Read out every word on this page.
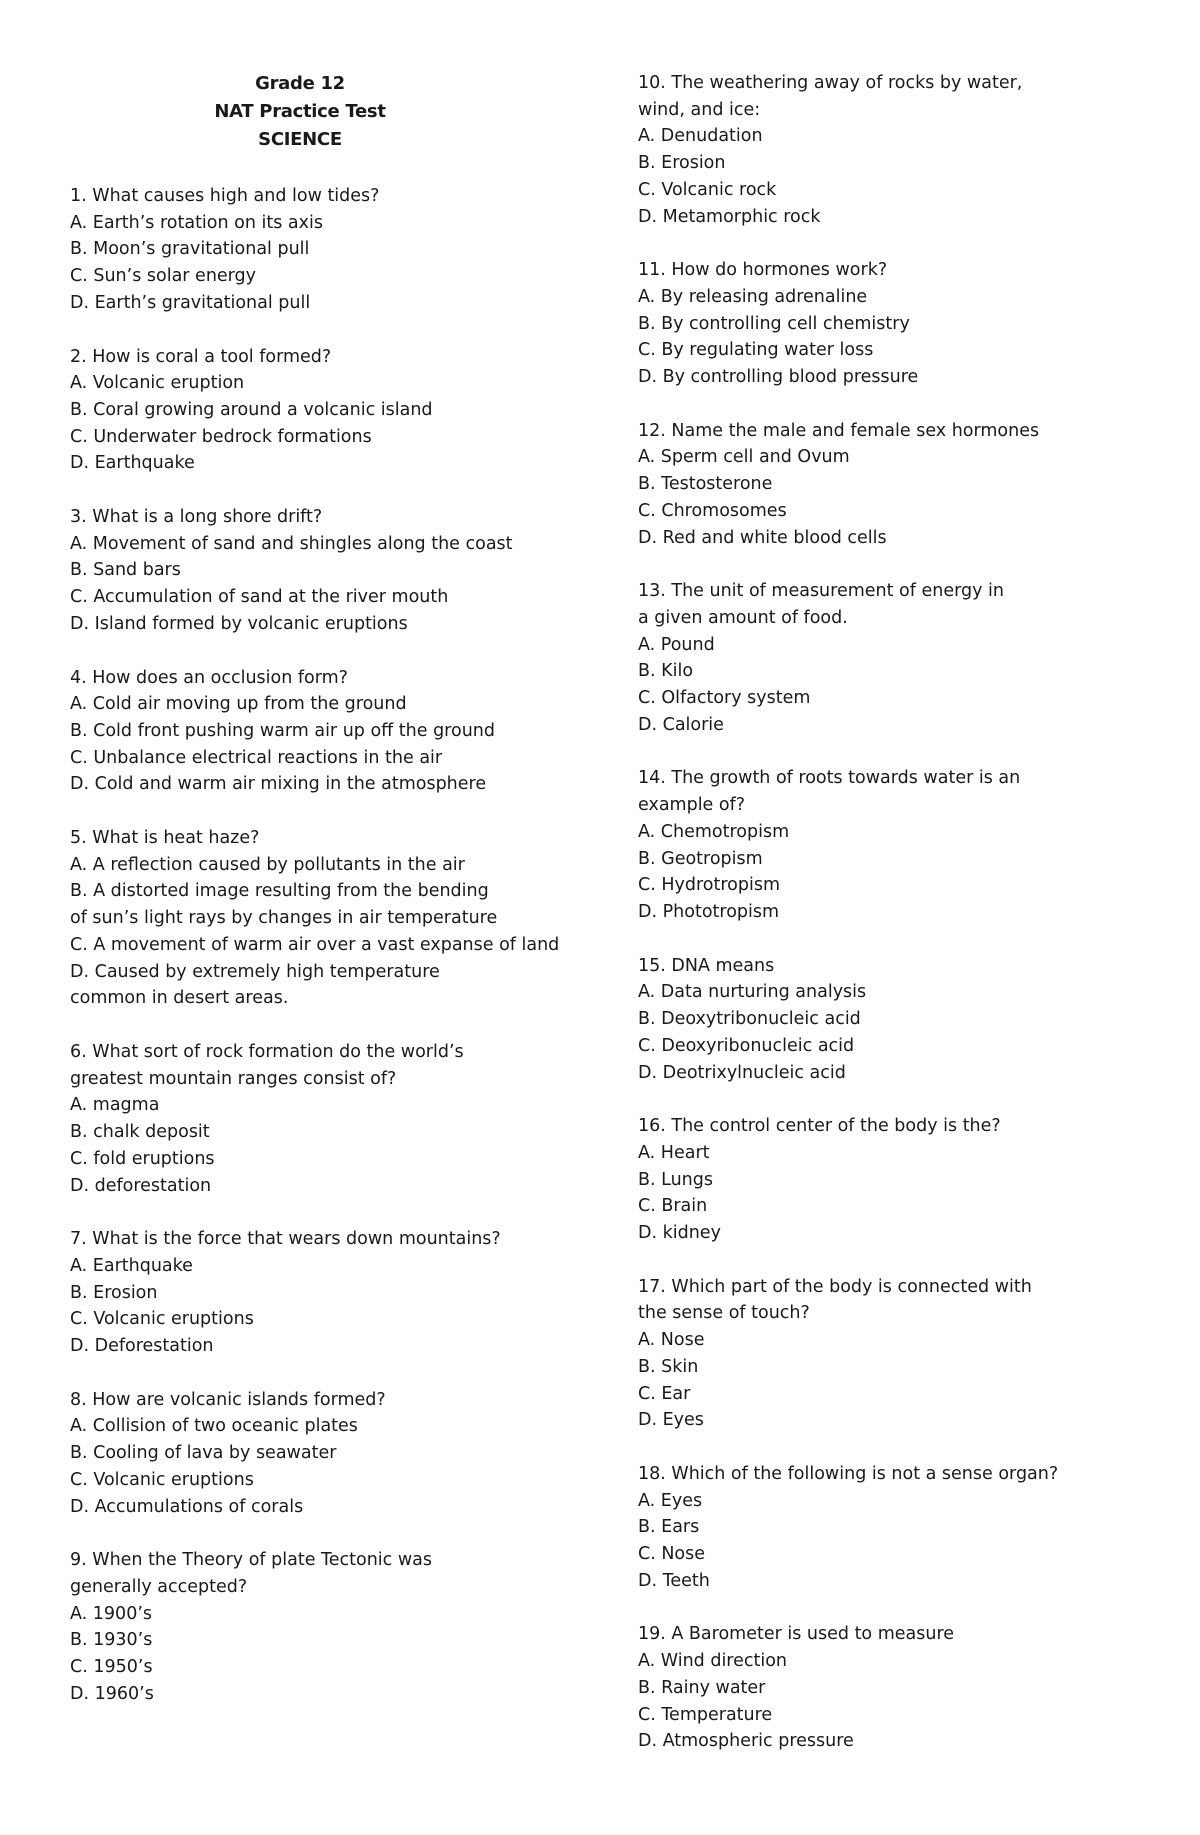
Grade 12
NAT Practice Test
SCIENCE
1. What causes high and low tides?
A. Earth’s rotation on its axis
B. Moon’s gravitational pull
C. Sun’s solar energy
D. Earth’s gravitational pull
2. How is coral a tool formed?
A. Volcanic eruption
B. Coral growing around a volcanic island
C. Underwater bedrock formations
D. Earthquake
3. What is a long shore drift?
A. Movement of sand and shingles along the coast
B. Sand bars
C. Accumulation of sand at the river mouth
D. Island formed by volcanic eruptions
4. How does an occlusion form?
A. Cold air moving up from the ground
B. Cold front pushing warm air up off the ground
C. Unbalance electrical reactions in the air
D. Cold and warm air mixing in the atmosphere
5. What is heat haze?
A. A reflection caused by pollutants in the air
B. A distorted image resulting from the bending of sun’s light rays by changes in air temperature
C. A movement of warm air over a vast expanse of land
D. Caused by extremely high temperature common in desert areas.
6. What sort of rock formation do the world’s greatest mountain ranges consist of?
A. magma
B. chalk deposit
C. fold eruptions
D. deforestation
7. What is the force that wears down mountains?
A. Earthquake
B. Erosion
C. Volcanic eruptions
D. Deforestation
8. How are volcanic islands formed?
A. Collision of two oceanic plates
B. Cooling of lava by seawater
C. Volcanic eruptions
D. Accumulations of corals
9. When the Theory of plate Tectonic was generally accepted?
A. 1900’s
B. 1930’s
C. 1950’s
D. 1960’s
10. The weathering away of rocks by water, wind, and ice:
A. Denudation
B. Erosion
C. Volcanic rock
D. Metamorphic rock
11. How do hormones work?
A. By releasing adrenaline
B. By controlling cell chemistry
C. By regulating water loss
D. By controlling blood pressure
12. Name the male and female sex hormones
A. Sperm cell and Ovum
B. Testosterone
C. Chromosomes
D. Red and white blood cells
13. The unit of measurement of energy in a given amount of food.
A. Pound
B. Kilo
C. Olfactory system
D. Calorie
14. The growth of roots towards water is an example of?
A. Chemotropism
B. Geotropism
C. Hydrotropism
D. Phototropism
15. DNA means
A. Data nurturing analysis
B. Deoxytribonucleic acid
C. Deoxyribonucleic acid
D. Deotrixylnucleic acid
16. The control center of the body is the?
A. Heart
B. Lungs
C. Brain
D. kidney
17. Which part of the body is connected with the sense of touch?
A. Nose
B. Skin
C. Ear
D. Eyes
18. Which of the following is not a sense organ?
A. Eyes
B. Ears
C. Nose
D. Teeth
19. A Barometer is used to measure
A. Wind direction
B. Rainy water
C. Temperature
D. Atmospheric pressure
